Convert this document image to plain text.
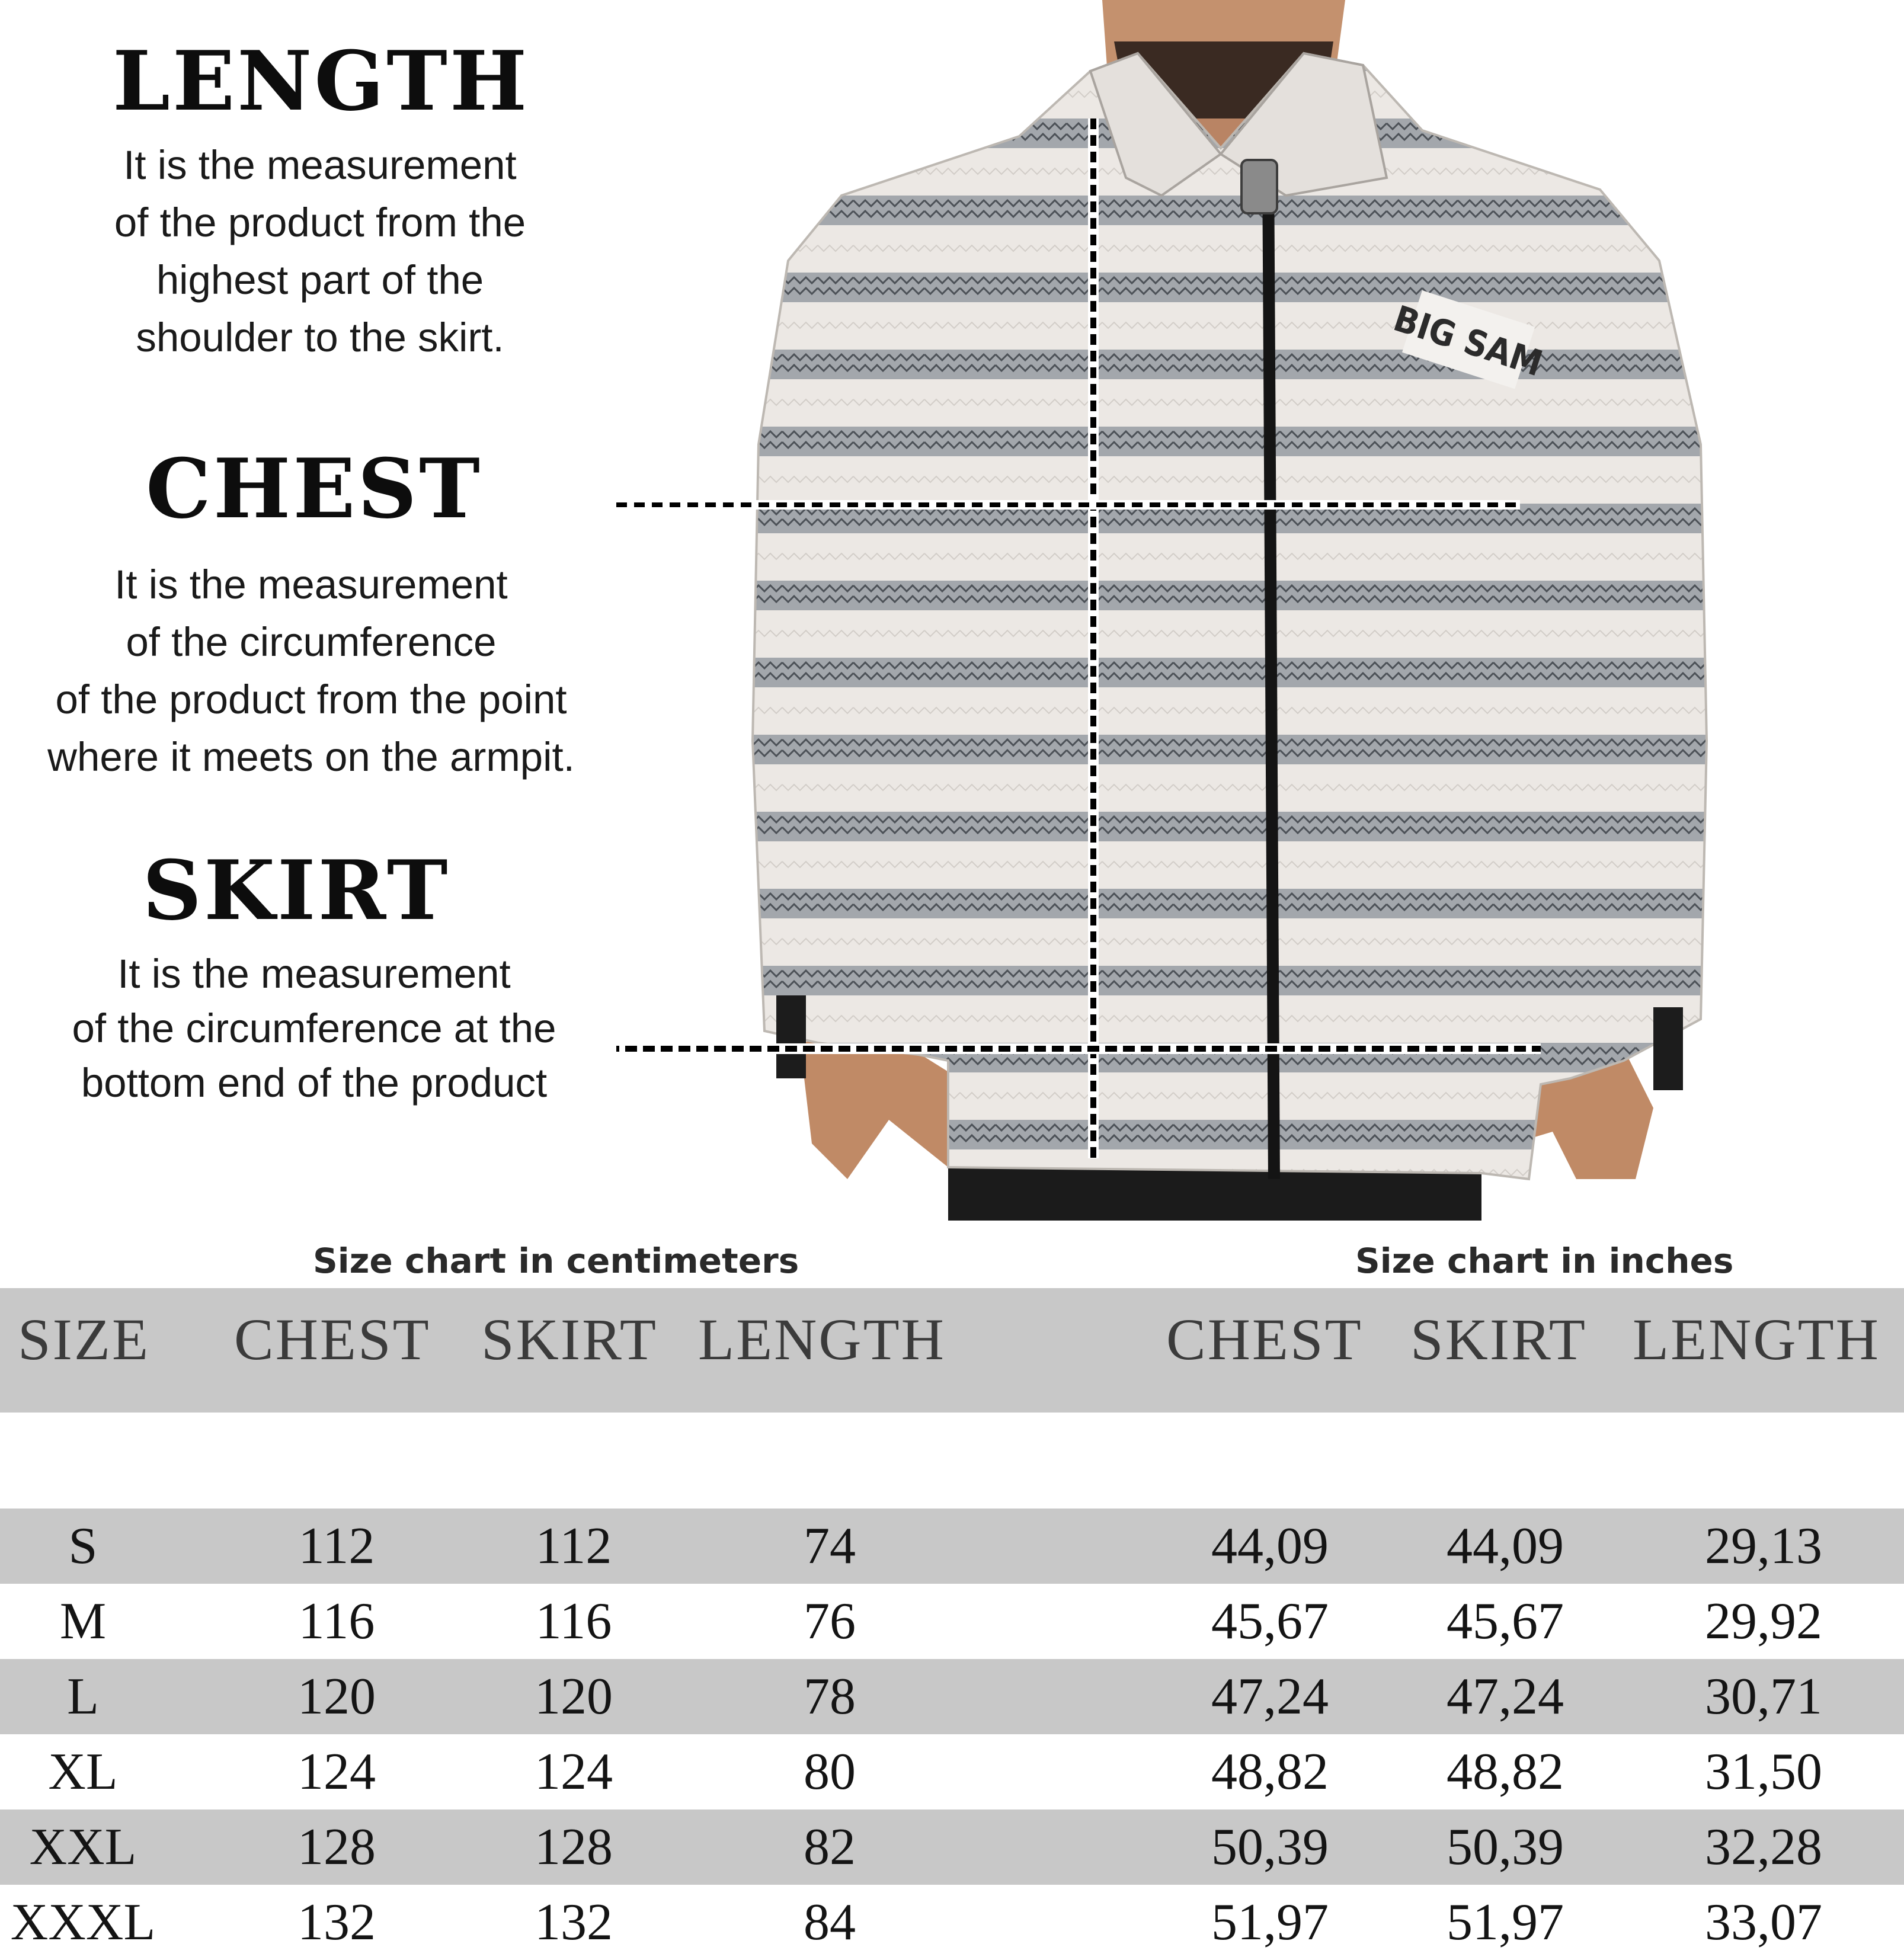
LENGTH
It is the measurement
of the product from the
highest part of the
shoulder to the skirt.
CHEST
It is the measurement
of the circumference
of the product from the point
where it meets on the armpit.
SKIRT
It is the measurement
of the circumference at the
bottom end of the product
BIG SAM
Size chart in centimeters	Size chart in inches
SIZE CHEST SKIRT LENGTH	CHEST SKIRT LENGTH
S	112	112	74	44,09	44,09	29,13
M	116	116	76	45,67	45,67	29,92
L	120	120	78	47,24	47,24	30,71
XL	124	124	80	48,82	48,82	31,50
XXL	128	128	82	50,39	50,39	32,28
XXXL	132	132	84	51,97	51,97	33,07
